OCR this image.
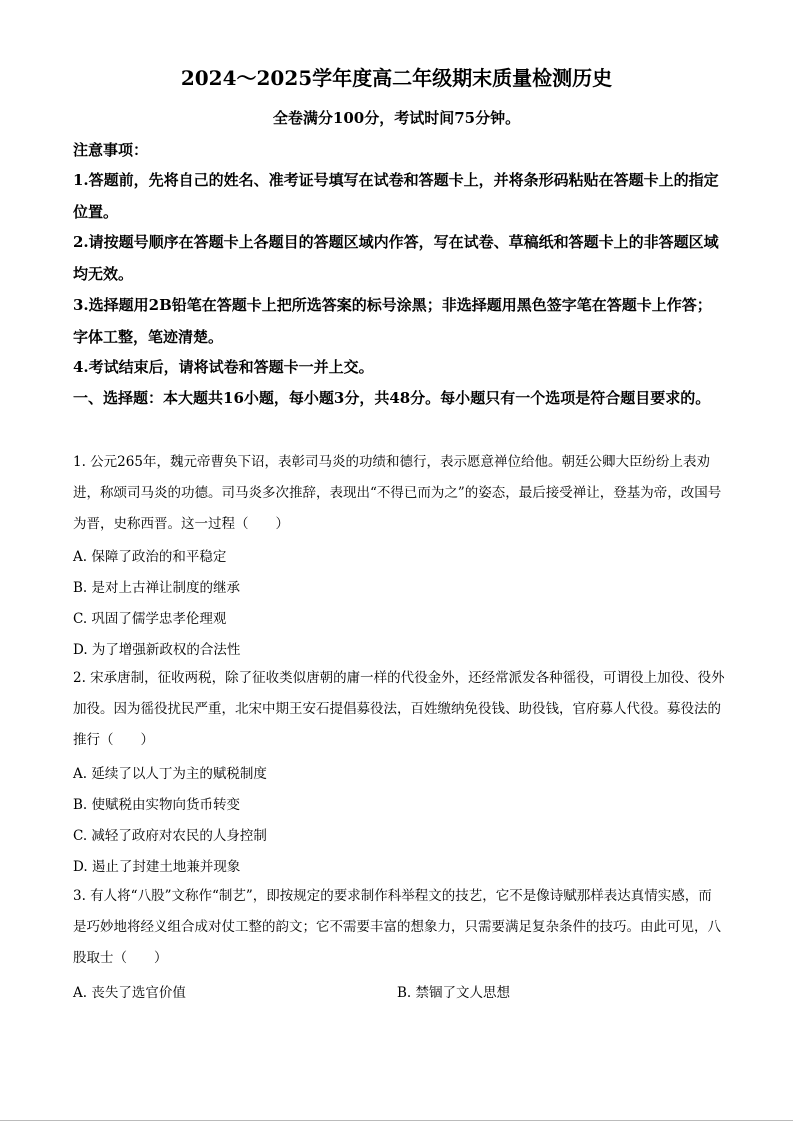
2024～2025学年度高二年级期末质量检测历史
全卷满分100分，考试时间75分钟。
注意事项：

1.答题前，先将自己的姓名、准考证号填写在试卷和答题卡上，并将条形码粘贴在答题卡上的指定位置。

2.请按题号顺序在答题卡上各题目的答题区域内作答，写在试卷、草稿纸和答题卡上的非答题区域均无效。

3.选择题用2B铅笔在答题卡上把所选答案的标号涂黑；非选择题用黑色签字笔在答题卡上作答；字体工整，笔迹清楚。

4.考试结束后，请将试卷和答题卡一并上交。

一、选择题：本大题共16小题，每小题3分，共48分。每小题只有一个选项是符合题目要求的。

1. 公元265年，魏元帝曹奂下诏，表彰司马炎的功绩和德行，表示愿意禅位给他。朝廷公卿大臣纷纷上表劝进，称颂司马炎的功德。司马炎多次推辞，表现出“不得已而为之”的姿态，最后接受禅让，登基为帝，改国号为晋，史称西晋。这一过程（　　）

A. 保障了政治的和平稳定
B. 是对上古禅让制度的继承
C. 巩固了儒学忠孝伦理观
D. 为了增强新政权的合法性

2. 宋承唐制，征收两税，除了征收类似唐朝的庸一样的代役金外，还经常派发各种徭役，可谓役上加役、役外加役。因为徭役扰民严重，北宋中期王安石提倡募役法，百姓缴纳免役钱、助役钱，官府募人代役。募役法的推行（　　）

A. 延续了以人丁为主的赋税制度
B. 使赋税由实物向货币转变
C. 减轻了政府对农民的人身控制
D. 遏止了封建土地兼并现象

3. 有人将“八股”文称作“制艺”，即按规定的要求制作科举程文的技艺，它不是像诗赋那样表达真情实感，而是巧妙地将经义组合成对仗工整的韵文；它不需要丰富的想象力，只需要满足复杂条件的技巧。由此可见，八股取士（　　）

A. 丧失了选官价值	B. 禁锢了文人思想
